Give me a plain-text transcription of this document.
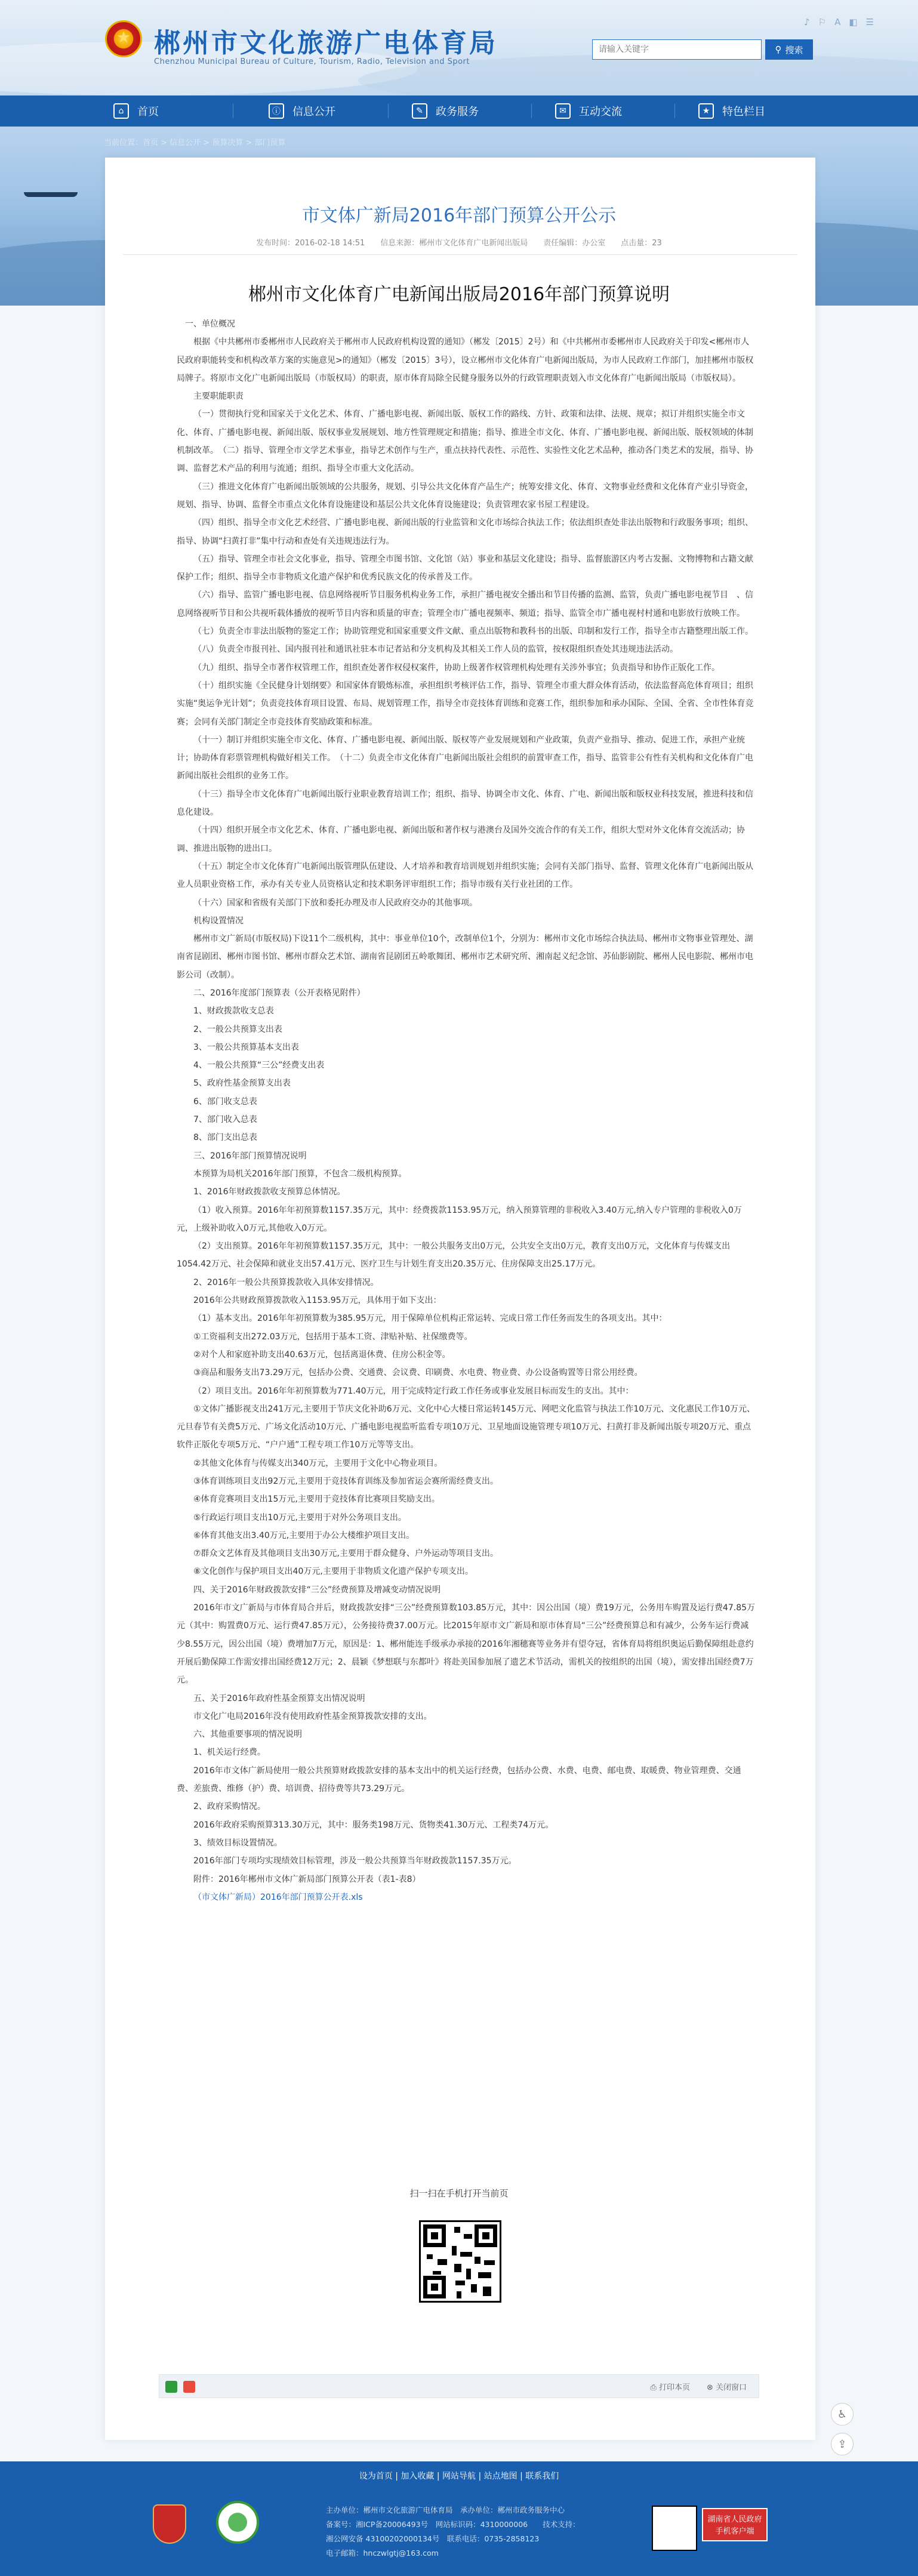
♪ ⚐ A ◧ ☰
★
郴州市文化旅游广电体育局
Chenzhou Municipal Bureau of Culture, Tourism, Radio, Television and Sport
请输入关键字
⚲ 搜索
⌂	首页	ⓘ	信息公开	✎	政务服务	✉	互动交流	★	特色栏目
当前位置：首页 > 信息公开 > 预算决算 > 部门预算
市文体广新局2016年部门预算公开公示
发布时间：2016-02-18 14:51　　信息来源：郴州市文化体育广电新闻出版局　　责任编辑：办公室　　点击量：23
郴州市文化体育广电新闻出版局2016年部门预算说明

一、单位概况

根据《中共郴州市委郴州市人民政府关于郴州市人民政府机构设置的通知》（郴发〔2015〕2号）和《中共郴州市委郴州市人民政府关于印发<郴州市人民政府职能转变和机构改革方案的实施意见>的通知》（郴发〔2015〕3号），设立郴州市文化体育广电新闻出版局，为市人民政府工作部门，加挂郴州市版权局牌子。将原市文化广电新闻出版局（市版权局）的职责，原市体育局除全民健身服务以外的行政管理职责划入市文化体育广电新闻出版局（市版权局）。

主要职能职责

（一）贯彻执行党和国家关于文化艺术、体育、广播电影电视、新闻出版、版权工作的路线、方针、政策和法律、法规、规章；拟订并组织实施全市文化、体育、广播电影电视、新闻出版、版权事业发展规划、地方性管理规定和措施；指导、推进全市文化、体育、广播电影电视、新闻出版、版权领域的体制机制改革。　（二）指导、管理全市文学艺术事业，指导艺术创作与生产，重点扶持代表性、示范性、实验性文化艺术品种，推动各门类艺术的发展，指导、协调、监督艺术产品的利用与流通；组织、指导全市重大文化活动。

（三）推进文化体育广电新闻出版领域的公共服务，规划、引导公共文化体育产品生产；统筹安排文化、体育、文物事业经费和文化体育产业引导资金，规划、指导、协调、监督全市重点文化体育设施建设和基层公共文化体育设施建设；负责管理农家书屋工程建设。

（四）组织、指导全市文化艺术经营、广播电影电视、新闻出版的行业监管和文化市场综合执法工作；依法组织查处非法出版物和行政服务事项；组织、指导、协调“扫黄打非”集中行动和查处有关违规违法行为。

（五）指导、管理全市社会文化事业，指导、管理全市图书馆、文化馆（站）事业和基层文化建设；指导、监督旅游区内考古发掘、文物博物和古籍文献保护工作；组织、指导全市非物质文化遗产保护和优秀民族文化的传承普及工作。

（六）指导、监管广播电影电视、信息网络视听节目服务机构业务工作，承担广播电视安全播出和节目传播的监测、监管，负责广播电影电视节目　、信息网络视听节目和公共视听载体播放的视听节目内容和质量的审查；管理全市广播电视频率、频道；指导、监管全市广播电视村村通和电影放行放映工作。

（七）负责全市非法出版物的鉴定工作；协助管理党和国家重要文件文献、重点出版物和教科书的出版、印制和发行工作，指导全市古籍整理出版工作。

（八）负责全市报刊社、国内报刊社和通讯社驻本市记者站和分支机构及其相关工作人员的监管，按权限组织查处其违规违法活动。

（九）组织、指导全市著作权管理工作，组织查处著作权侵权案件，协助上级著作权管理机构处理有关涉外事宜；负责指导和协作正版化工作。

（十）组织实施《全民健身计划纲要》和国家体育锻炼标准，承担组织考核评估工作，指导、管理全市重大群众体育活动，依法监督高危体育项目；组织实施“奥运争光计划”；负责竞技体育项目设置、布局、规划管理工作，指导全市竞技体育训练和竞赛工作，组织参加和承办国际、全国、全省、全市性体育竞赛；会同有关部门制定全市竞技体育奖励政策和标准。

（十一）制订并组织实施全市文化、体育、广播电影电视、新闻出版、版权等产业发展规划和产业政策，负责产业指导、推动、促进工作，承担产业统计；协助体育彩票管理机构做好相关工作。　（十二）负责全市文化体育广电新闻出版社会组织的前置审查工作，指导、监管非公有性有关机构和文化体育广电新闻出版社会组织的业务工作。

（十三）指导全市文化体育广电新闻出版行业职业教育培训工作；组织、指导、协调全市文化、体育、广电、新闻出版和版权业科技发展，推进科技和信息化建设。

（十四）组织开展全市文化艺术、体育、广播电影电视、新闻出版和著作权与港澳台及国外交流合作的有关工作，组织大型对外文化体育交流活动；协调、推进出版物的进出口。

（十五）制定全市文化体育广电新闻出版管理队伍建设、人才培养和教育培训规划并组织实施；会同有关部门指导、监督、管理文化体育广电新闻出版从业人员职业资格工作，承办有关专业人员资格认定和技术职务评审组织工作；指导市级有关行业社团的工作。

（十六）国家和省级有关部门下放和委托办理及市人民政府交办的其他事项。

机构设置情况

郴州市文广新局(市版权局)下设11个二级机构，其中：事业单位10个，改制单位1个，分别为：郴州市文化市场综合执法局、郴州市文物事业管理处、湖南省昆剧团、郴州市图书馆、郴州市群众艺术馆、湖南省昆剧团五岭歌舞团、郴州市艺术研究所、湘南起义纪念馆、苏仙影剧院、郴州人民电影院、郴州市电影公司（改制）。

二、2016年度部门预算表（公开表格见附件）

1、财政拨款收支总表

2、一般公共预算支出表

3、一般公共预算基本支出表

4、一般公共预算“三公”经费支出表

5、政府性基金预算支出表

6、部门收支总表

7、部门收入总表

8、部门支出总表

三、2016年部门预算情况说明

本预算为局机关2016年部门预算，不包含二级机构预算。

1、2016年财政拨款收支预算总体情况。

（1）收入预算。2016年年初预算数1157.35万元，其中：经费拨款1153.95万元，纳入预算管理的非税收入3.40万元,纳入专户管理的非税收入0万元，上级补助收入0万元,其他收入0万元。

（2）支出预算。2016年年初预算数1157.35万元，其中：一般公共服务支出0万元，公共安全支出0万元，教育支出0万元，文化体育与传媒支出1054.42万元、社会保障和就业支出57.41万元、医疗卫生与计划生育支出20.35万元、住房保障支出25.17万元。

2、2016年一般公共预算拨款收入具体安排情况。

2016年公共财政预算拨款收入1153.95万元，具体用于如下支出：

（1）基本支出。2016年年初预算数为385.95万元，用于保障单位机构正常运转、完成日常工作任务而发生的各项支出。其中：

①工资福利支出272.03万元，包括用于基本工资、津贴补贴、社保缴费等。

②对个人和家庭补助支出40.63万元，包括离退休费、住房公积金等。

③商品和服务支出73.29万元，包括办公费、交通费、会议费、印刷费、水电费、物业费、办公设备购置等日常公用经费。

（2）项目支出。2016年年初预算数为771.40万元，用于完成特定行政工作任务或事业发展目标而发生的支出。其中：

①文体广播影视支出241万元,主要用于节庆文化补助6万元、文化中心大楼日常运转145万元、网吧文化监管与执法工作10万元、文化惠民工作10万元、元旦春节有关费5万元、广场文化活动10万元、广播电影电视监听监看专项10万元、卫星地面设施管理专项10万元、扫黄打非及新闻出版专项20万元、重点软件正版化专项5万元、“户户通”工程专项工作10万元等等支出。

②其他文化体育与传媒支出340万元，主要用于文化中心物业项目。

③体育训练项目支出92万元,主要用于竞技体育训练及参加省运会赛所需经费支出。

④体育竞赛项目支出15万元,主要用于竞技体育比赛项目奖励支出。

⑤行政运行项目支出10万元,主要用于对外公务项目支出。

⑥体育其他支出3.40万元,主要用于办公大楼维护项目支出。

⑦群众文艺体育及其他项目支出30万元,主要用于群众健身、户外运动等项目支出。

⑧文化创作与保护项目支出40万元,主要用于非物质文化遗产保护专项支出。

四、关于2016年财政拨款安排“三公”经费预算及增减变动情况说明

2016年市文广新局与市体育局合并后，财政拨款安排“三公”经费预算数103.85万元，其中：因公出国（境）费19万元，公务用车购置及运行费47.85万元（其中：购置费0万元、运行费47.85万元），公务接待费37.00万元。比2015年原市文广新局和原市体育局“三公”经费预算总和有减少，公务车运行费减少8.55万元，因公出国（境）费增加7万元，原因是：1、郴州能连手级承办承接的2016年湘穗赛等业务并有望夺冠，省体育局将组织奥运后勤保障组赴意约开展后勤保障工作需安排出国经费12万元；2、晨颖《梦想联与东都叶》将赴美国参加展了遗艺术节活动，需机关的按组织的出国（境），需安排出国经费7万元。

五、关于2016年政府性基金预算支出情况说明

市文化广电局2016年没有使用政府性基金预算拨款安排的支出。

六、其他重要事项的情况说明

1、机关运行经费。

2016年市文体广新局使用一般公共预算财政拨款安排的基本支出中的机关运行经费，包括办公费、水费、电费、邮电费、取暖费、物业管理费、交通费、差旅费、维修（护）费、培训费、招待费等共73.29万元。

2、政府采购情况。

2016年政府采购预算313.30万元，其中：服务类198万元、货物类41.30万元、工程类74万元。

3、绩效目标设置情况。

2016年部门专项均实现绩效目标管理，涉及一般公共预算当年财政拨款1157.35万元。

附件：2016年郴州市文体广新局部门预算公开表（表1-表8）

（市文体广新局）2016年部门预算公开表.xls

扫一扫在手机打开当前页
⎙ 打印本页 ⊗ 关闭窗口
♿
⇪
设为首页 | 加入收藏 | 网站导航 | 站点地图 | 联系我们
主办单位：郴州市文化旅游广电体育局　承办单位：郴州市政务服务中心
备案号：湘ICP备20006493号　网站标识码：4310000006　　技术支持：
湘公网安备 43100202000134号　联系电话：0735-2858123
电子邮箱：hnczwlgtj@163.com
湖南省人民政府
手机客户端
